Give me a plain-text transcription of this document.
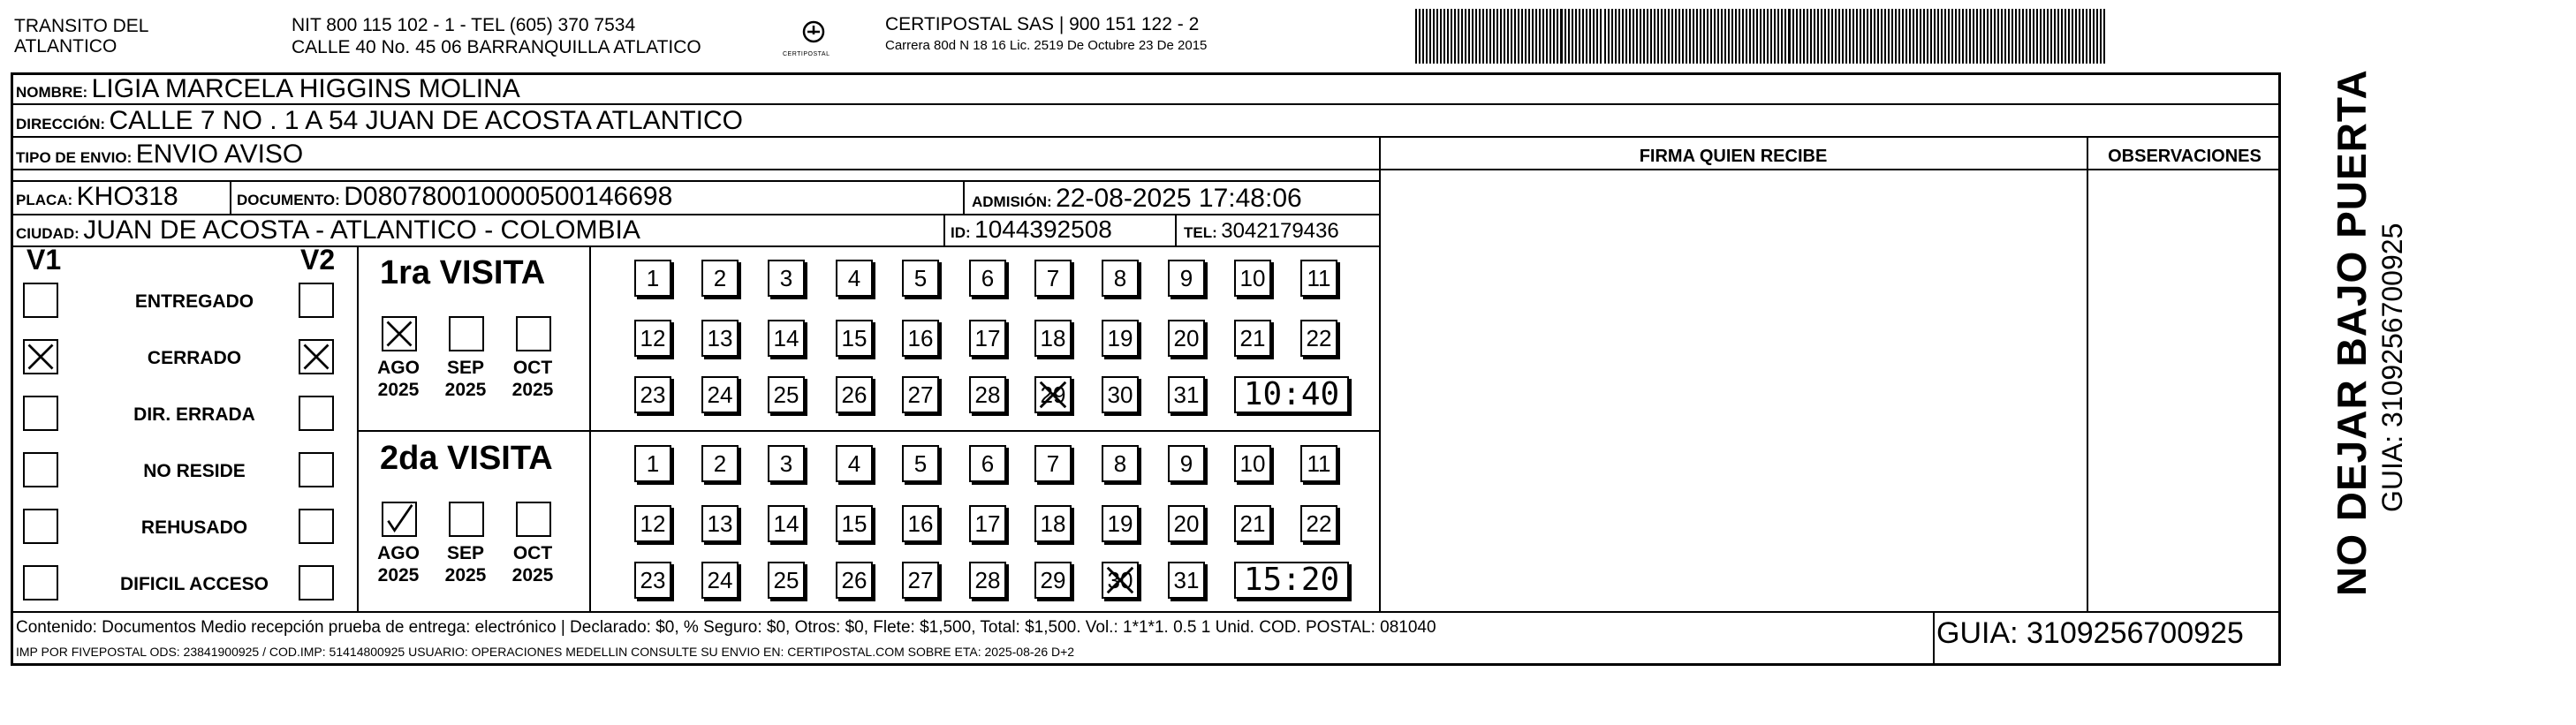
TRANSITO DEL
ATLANTICO
NIT 800 115 102 - 1 - TEL (605) 370 7534
CALLE 40 No. 45 06 BARRANQUILLA ATLATICO	CERTIPOSTAL
CERTIPOSTAL SAS | 900 151 122 - 2
Carrera 80d N 18 16 Lic. 2519 De Octubre 23 De 2015
NOMBRE: LIGIA MARCELA HIGGINS MOLINA
DIRECCIÓN: CALLE 7 NO . 1 A 54 JUAN DE ACOSTA ATLANTICO
TIPO DE ENVIO: ENVIO AVISO
PLACA: KHO318	DOCUMENTO: D080780010000500146698	ADMISIÓN: 22-08-2025 17:48:06
CIUDAD: JUAN DE ACOSTA - ATLANTICO - COLOMBIA	ID: 1044392508	TEL: 3042179436
FIRMA QUIEN RECIBE	OBSERVACIONES
V1	V2
ENTREGADO
CERRADO
DIR. ERRADA
NO RESIDE
REHUSADO
DIFICIL ACCESO
1ra VISITA
AGO
2025
SEP
2025
OCT
2025
1	2	3	4	5	6	7	8	9	10 11
12 13 14 15 16 17 18 19 20 21 22
23 24 25 26 27 28 29 30 31	10:40
2da VISITA
AGO
2025
SEP
2025
OCT
2025
1	2	3	4	5	6	7	8	9	10 11
12 13 14 15 16 17 18 19 20 21 22
23 24 25 26 27 28 29 30 31	15:20
Contenido: Documentos Medio recepción prueba de entrega: electrónico | Declarado: $0, % Seguro: $0, Otros: $0, Flete: $1,500, Total: $1,500. Vol.: 1*1*1. 0.5 1 Unid. COD. POSTAL: 081040
IMP POR FIVEPOSTAL ODS: 23841900925 / COD.IMP: 51414800925 USUARIO: OPERACIONES MEDELLIN CONSULTE SU ENVIO EN: CERTIPOSTAL.COM SOBRE ETA: 2025-08-26 D+2
GUIA: 3109256700925
NO DEJAR BAJO PUERTA GUIA: 3109256700925
